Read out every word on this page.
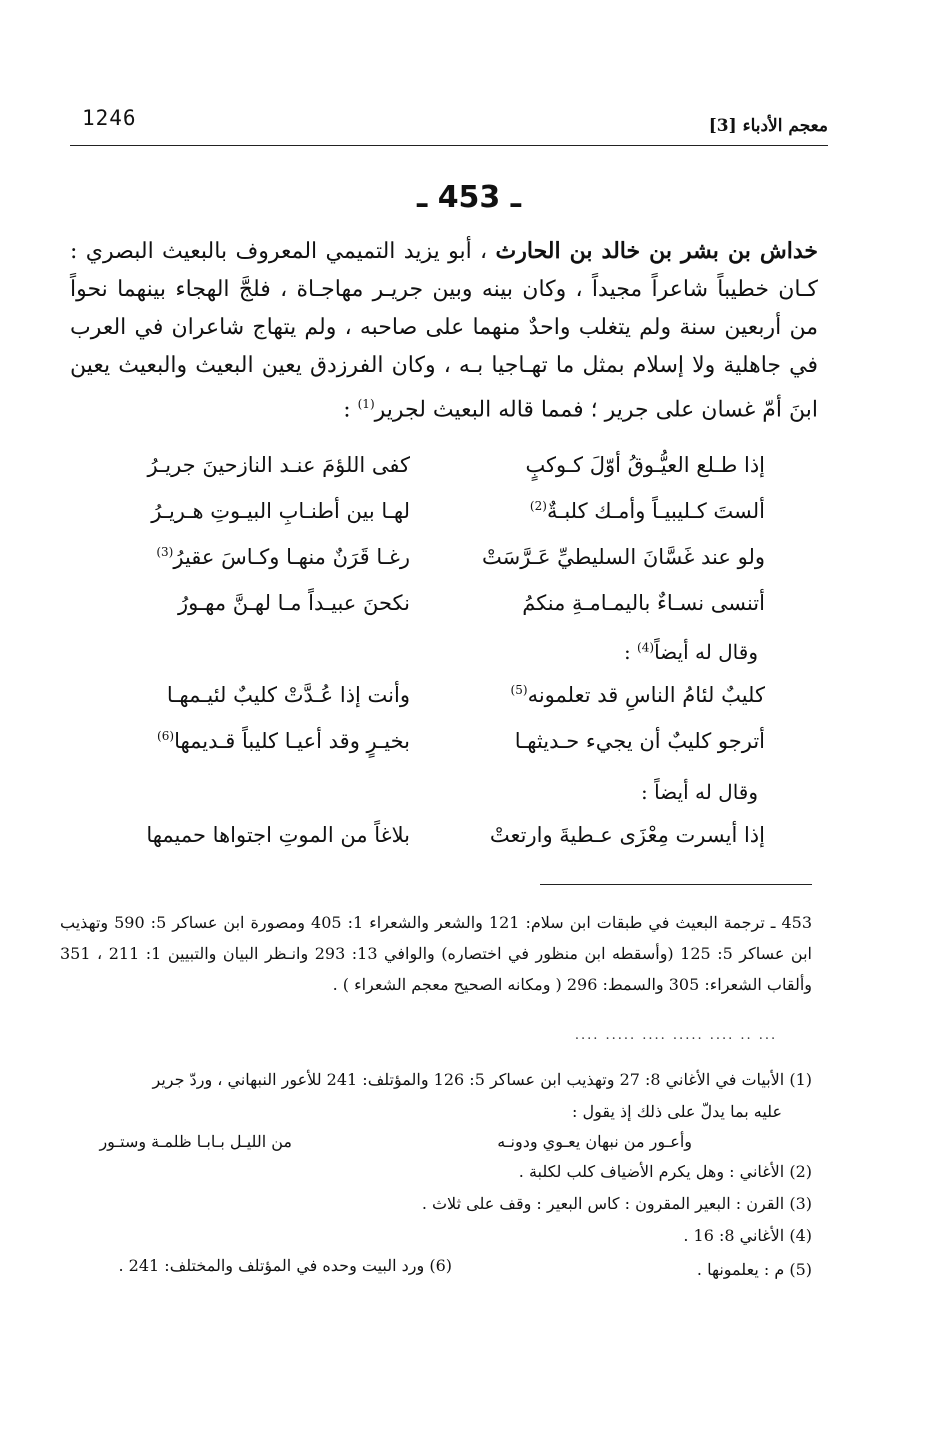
1246	معجم الأدباء [3]
ـ 453 ـ
خداش بن بشر بن خالد بن الحارث ، أبو يزيد التميمي المعروف بالبعيث البصري : كـان خطيباً شاعراً مجيداً ، وكان بينه وبين جريـر مهاجـاة ، فلجَّ الهجاء بينهما نحواً من أربعين سنة ولم يتغلب واحدٌ منهما على صاحبه ، ولم يتهاج شاعران في العرب في جاهلية ولا إسلام بمثل ما تهـاجيا بـه ، وكان الفرزدق يعين البعيث والبعيث يعين ابنَ أمّ غسان على جرير ؛ فمما قاله البعيث لجرير$^{(1)}$ :
إذا طـلع العيُّـوقُ أوّلَ كـوكبٍ
كفى اللؤمَ عنـد النازحينَ جريـرُ
ألستَ كـليبيـاً وأمـك كلبـةٌ$^{(2)}$
لهـا بين أطنـابِ البيـوتِ هـريـرُ
ولو عند غَسَّانَ السليطيِّ عَـرَّسَتْ
رغـا قَرَنٌ منهـا وكـاسَ عقيرُ$^{(3)}$
أتنسى نسـاءٌ باليمـامـةِ منكمُ
نكحنَ عبيـداً مـا لهـنَّ مهـورُ
وقال له أيضاً$^{(4)}$ :
كليبٌ لئامُ الناسِ قد تعلمونه$^{(5)}$
وأنت إذا عُـدَّتْ كليبٌ لئيـمهـا
أترجو كليبٌ أن يجيء حـديثهـا
بخيـرٍ وقد أعيـا كليباً قـديمها$^{(6)}$
وقال له أيضاً :
إذا أيسرت مِعْزَى عـطيةَ وارتعتْ
بلاغاً من الموتِ اجتواها حميمها
453 ـ ترجمة البعيث في طبقات ابن سلام: 121 والشعر والشعراء 1: 405 ومصورة ابن عساكر 5: 590 وتهذيب ابن عساكر 5: 125 (وأسقطه ابن منظور في اختصاره) والوافي 13: 293 وانـظر البيان والتبيين 1: 211 ، 351 وألقاب الشعراء: 305 والسمط: 296 ( ومكانه الصحيح معجم الشعراء ) .
.... ..... .... ..... .... .. ...
(1) الأبيات في الأغاني 8: 27 وتهذيب ابن عساكر 5: 126 والمؤتلف: 241 للأعور النبهاني ، وردّ جرير
عليه بما يدلّ على ذلك إذ يقول :
وأعـور من نبهان يعـوي ودونـه
من الليـل بـابـا ظلمـة وستـور
(2) الأغاني : وهل يكرم الأضياف كلب لكلبة .
(3) القرن : البعير المقرون : كاس البعير : وقف على ثلاث .
(4) الأغاني 8: 16 .
(5) م : يعلمونها .
(6) ورد البيت وحده في المؤتلف والمختلف: 241 .
